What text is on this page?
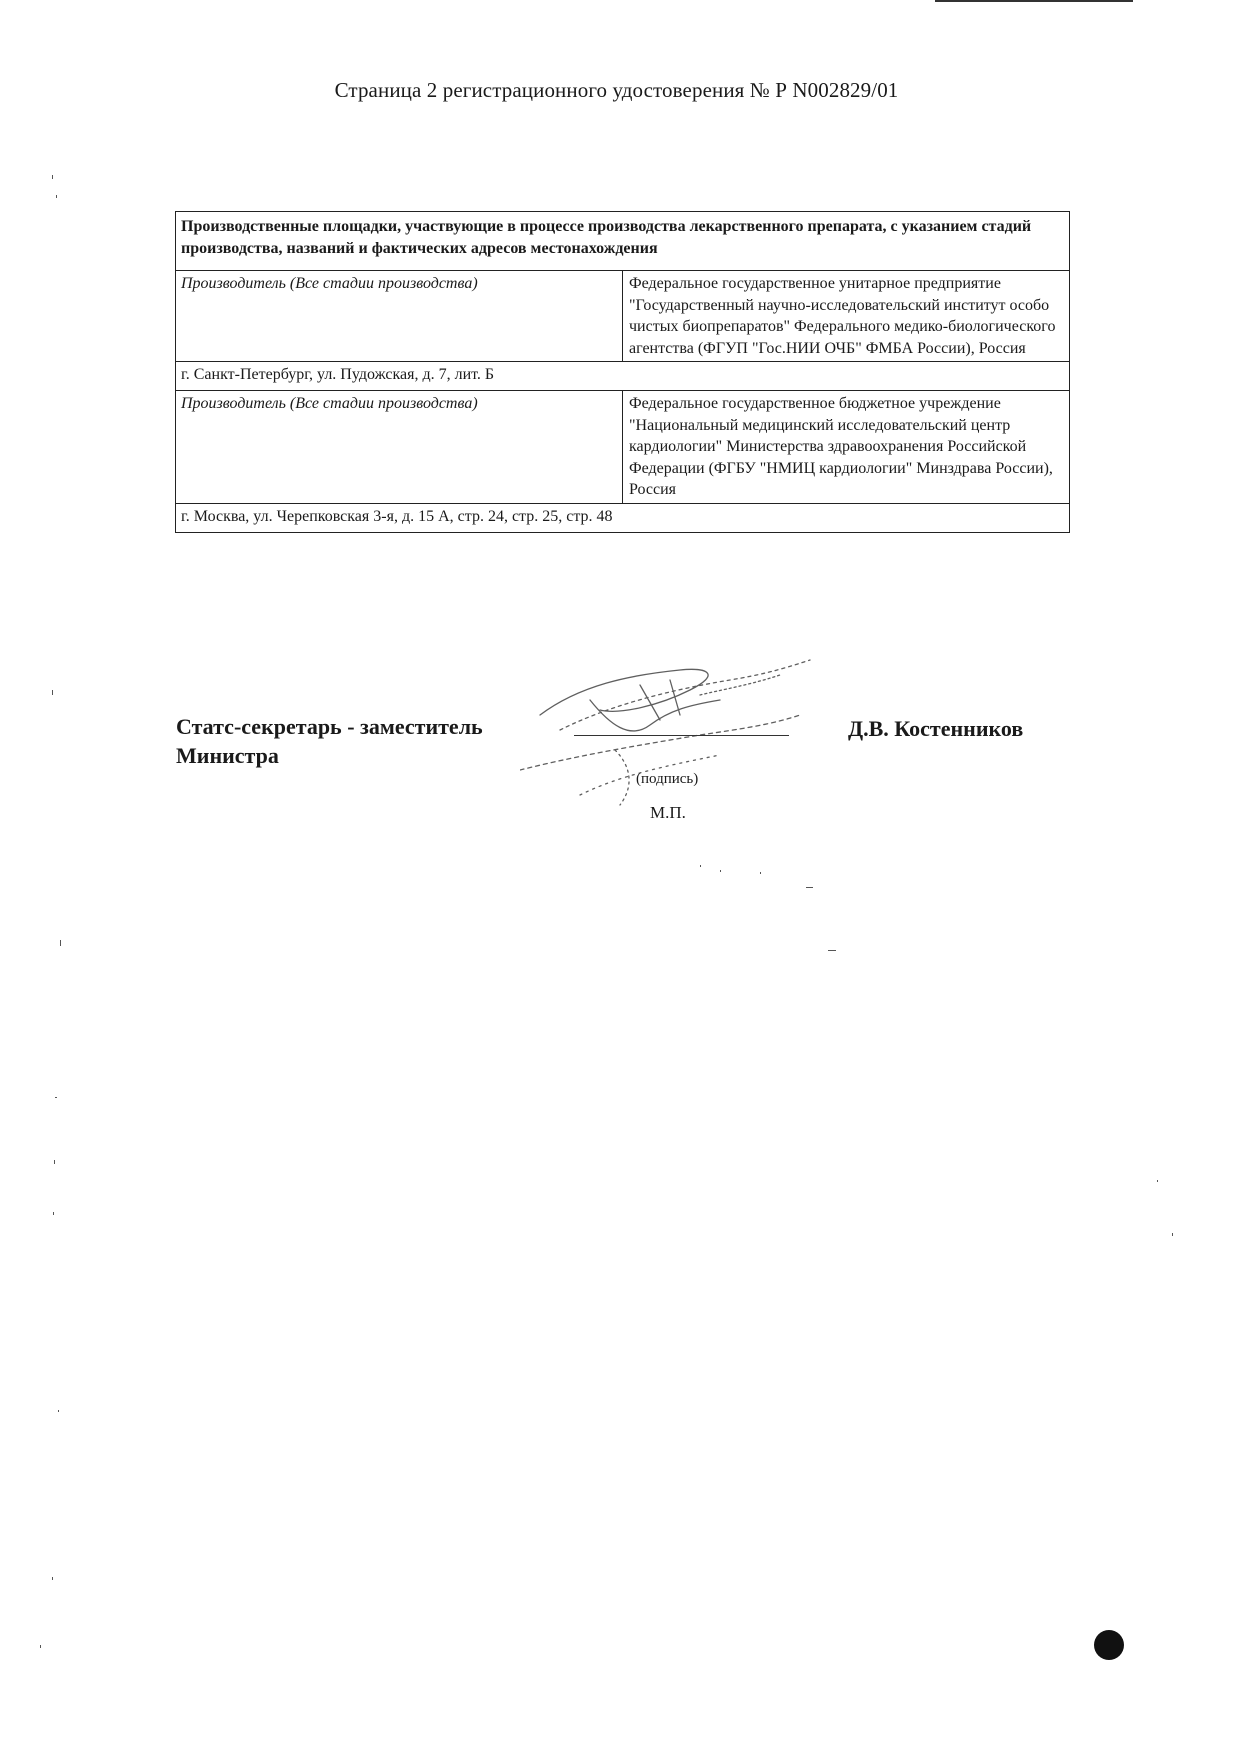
Страница 2 регистрационного удостоверения № Р N002829/01
Производственные площадки, участвующие в процессе производства лекарственного препарата, с указанием стадий производства, названий и фактических адресов местонахождения	
Производитель (Все стадии производства)	Федеральное государственное унитарное предприятие "Государственный научно-исследовательский институт особо чистых биопрепаратов" Федерального медико-биологического агентства (ФГУП "Гос.НИИ ОЧБ" ФМБА России), Россия
г. Санкт-Петербург, ул. Пудожская, д. 7, лит. Б	
Производитель (Все стадии производства)	Федеральное государственное бюджетное учреждение "Национальный медицинский исследовательский центр кардиологии" Министерства здравоохранения Российской Федерации (ФГБУ "НМИЦ кардиологии" Минздрава России), Россия
г. Москва, ул. Черепковская 3-я, д. 15 А, стр. 24, стр. 25, стр. 48	
Статс-секретарь - заместитель
Министра
Д.В. Костенников
(подпись)
М.П.
